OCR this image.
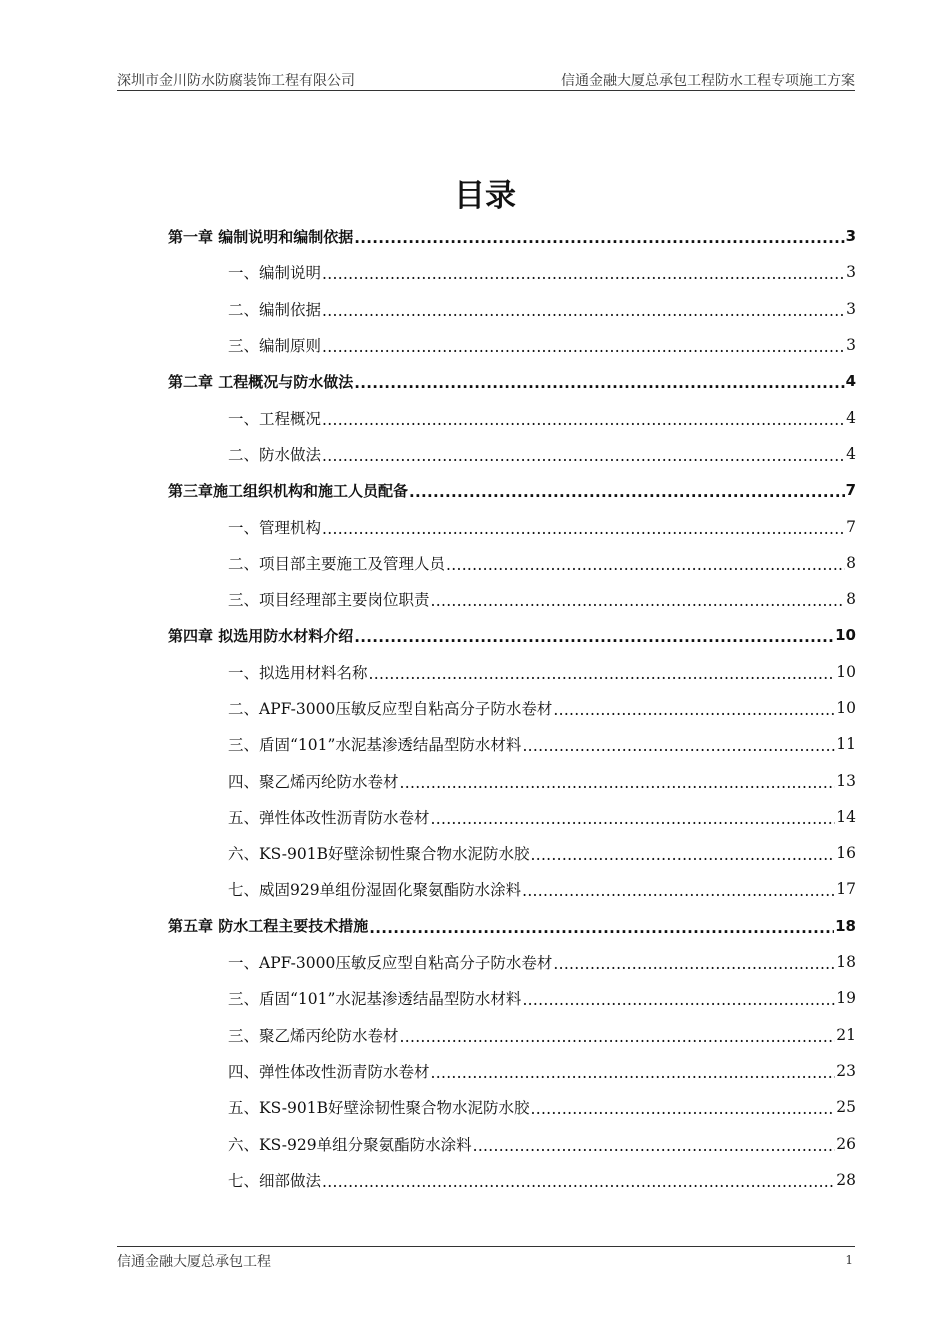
深圳市金川防水防腐装饰工程有限公司	信通金融大厦总承包工程防水工程专项施工方案
目录
第一章 编制说明和编制依据 .....	3
一、编制说明 .....	3
二、编制依据 .....	3
三、编制原则 .....	3
第二章 工程概况与防水做法 .....	4
一、工程概况 .....	4
二、防水做法 .....	4
第三章施工组织机构和施工人员配备 .....	7
一、管理机构 .....	7
二、项目部主要施工及管理人员 .....	8
三、项目经理部主要岗位职责 .....	8
第四章 拟选用防水材料介绍 .....	10
一、拟选用材料名称 .....	10
二、APF-3000压敏反应型自粘高分子防水卷材 .....	10
三、盾固“101”水泥基渗透结晶型防水材料 .....	11
四、聚乙烯丙纶防水卷材 .....	13
五、弹性体改性沥青防水卷材 .....	14
六、KS-901B好壁涂韧性聚合物水泥防水胶 .....	16
七、威固929单组份湿固化聚氨酯防水涂料 .....	17
第五章 防水工程主要技术措施 .....	18
一、APF-3000压敏反应型自粘高分子防水卷材 .....	18
三、盾固“101”水泥基渗透结晶型防水材料 .....	19
三、聚乙烯丙纶防水卷材 .....	21
四、弹性体改性沥青防水卷材 .....	23
五、KS-901B好壁涂韧性聚合物水泥防水胶 .....	25
六、KS-929单组分聚氨酯防水涂料 .....	26
七、细部做法 .....	28
信通金融大厦总承包工程	1
